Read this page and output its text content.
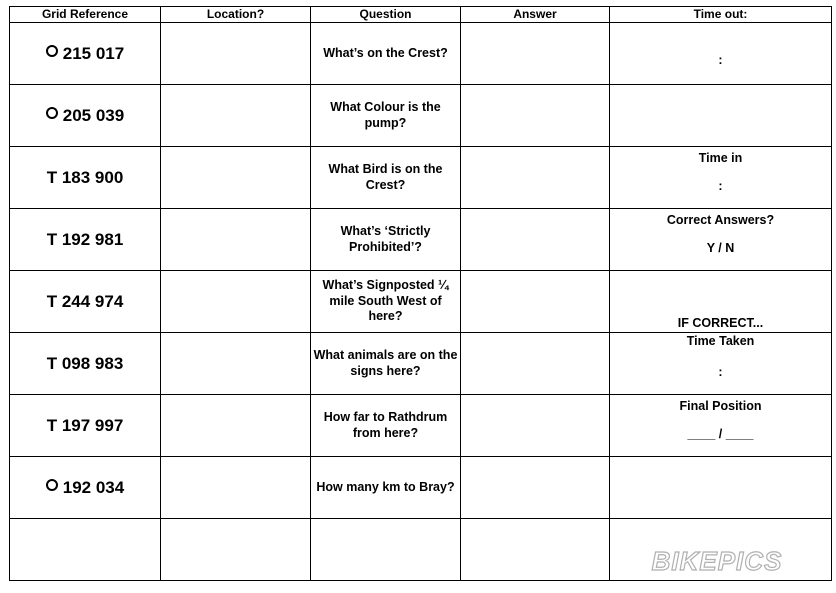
Grid Reference	Location?	Question	Answer	Time out:
215 017		What’s on the Crest?		:

205 039		What Colour is the pump?		
T 183 900		What Bird is on the Crest?		Time in
:

T 192 981		What’s ‘Strictly Prohibited’?		Correct Answers?
Y / N

T 244 974		What’s Signposted ¼ mile South West of here?		IF CORRECT...

T 098 983		What animals are on the signs here?		Time Taken
:

T 197 997		How far to Rathdrum from here?		Final Position
____ / ____

192 034		How many km to Bray?		

BIKEPICS
